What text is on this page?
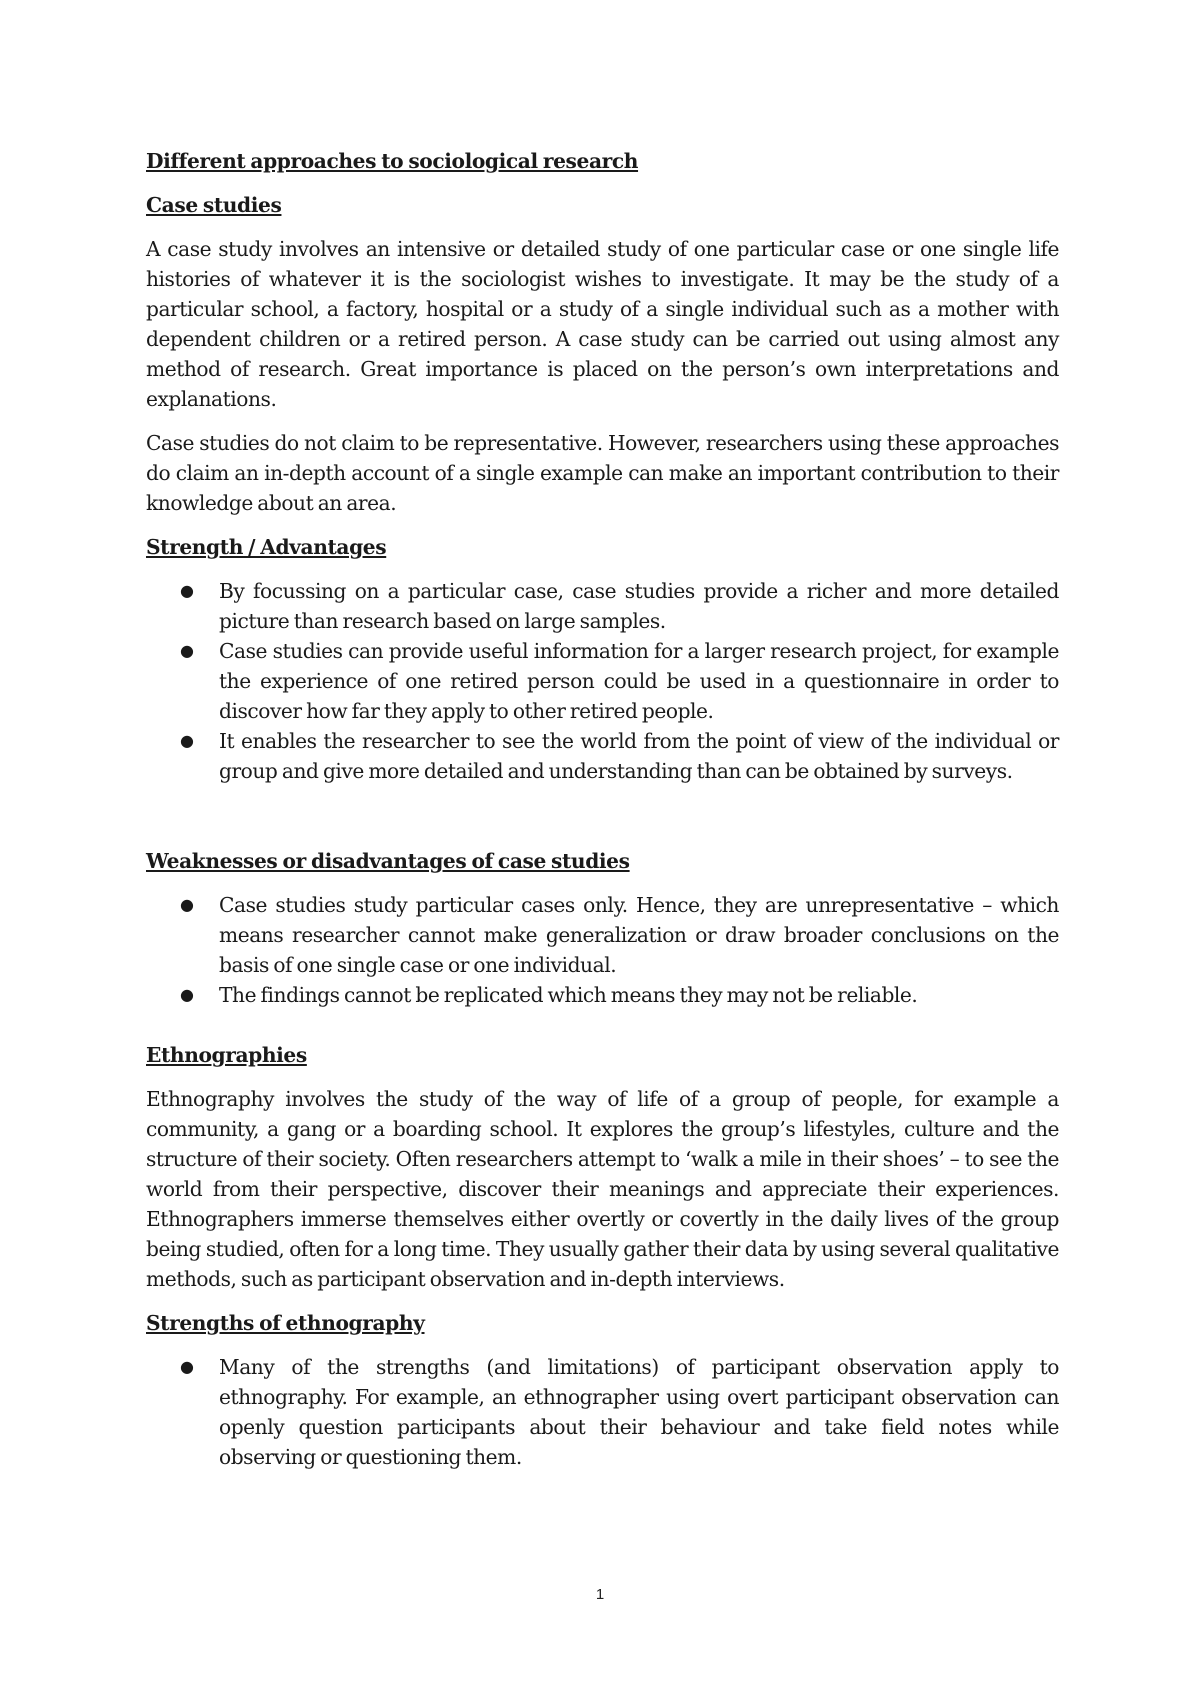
Different approaches to sociological research
Case studies

A case study involves an intensive or detailed study of one particular case or one single life histories of whatever it is the sociologist wishes to investigate. It may be the study of a particular school, a factory, hospital or a study of a single individual such as a mother with dependent children or a retired person. A case study can be carried out using almost any method of research. Great importance is placed on the person’s own interpretations and explanations.

Case studies do not claim to be representative. However, researchers using these approaches do claim an in-depth account of a single example can make an important contribution to their knowledge about an area.

Strength / Advantages
● By focussing on a particular case, case studies provide a richer and more detailed picture than research based on large samples.
● Case studies can provide useful information for a larger research project, for example the experience of one retired person could be used in a questionnaire in order to discover how far they apply to other retired people.
● It enables the researcher to see the world from the point of view of the individual or group and give more detailed and understanding than can be obtained by surveys.
Weaknesses or disadvantages of case studies
● Case studies study particular cases only. Hence, they are unrepresentative – which means researcher cannot make generalization or draw broader conclusions on the basis of one single case or one individual.
● The findings cannot be replicated which means they may not be reliable.
Ethnographies

Ethnography involves the study of the way of life of a group of people, for example a community, a gang or a boarding school. It explores the group’s lifestyles, culture and the structure of their society. Often researchers attempt to ‘walk a mile in their shoes’ – to see the world from their perspective, discover their meanings and appreciate their experiences. Ethnographers immerse themselves either overtly or covertly in the daily lives of the group being studied, often for a long time. They usually gather their data by using several qualitative methods, such as participant observation and in-depth interviews.

Strengths of ethnography
● Many of the strengths (and limitations) of participant observation apply to ethnography. For example, an ethnographer using overt participant observation can openly question participants about their behaviour and take field notes while observing or questioning them.
1
